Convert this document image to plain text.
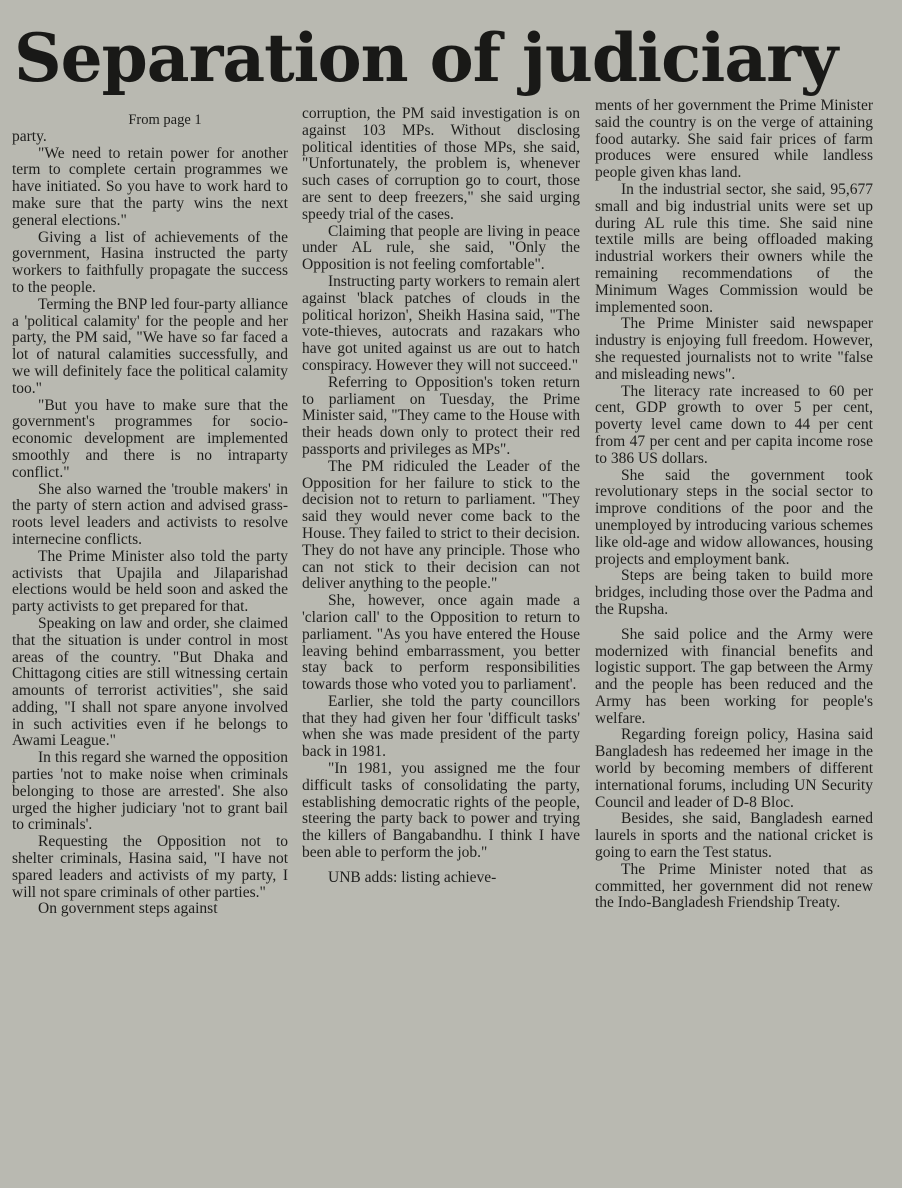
Separation of judiciary

From page 1

party.

"We need to retain power for another term to complete certain programmes we have initiated. So you have to work hard to make sure that the party wins the next general elections."

Giving a list of achievements of the government, Hasina instructed the party workers to faithfully propagate the success to the people.

Terming the BNP led four-party alliance a 'political calamity' for the people and her party, the PM said, "We have so far faced a lot of natural calamities successfully, and we will definitely face the political calamity too."

"But you have to make sure that the government's programmes for socio-economic development are implemented smoothly and there is no intraparty conflict."

She also warned the 'trouble makers' in the party of stern action and advised grass-roots level leaders and activists to resolve internecine conflicts.

The Prime Minister also told the party activists that Upajila and Jilaparishad elections would be held soon and asked the party activists to get prepared for that.

Speaking on law and order, she claimed that the situation is under control in most areas of the country. "But Dhaka and Chittagong cities are still witnessing certain amounts of terrorist activities", she said adding, "I shall not spare anyone involved in such activities even if he belongs to Awami League."

In this regard she warned the opposition parties 'not to make noise when criminals belonging to those are arrested'. She also urged the higher judiciary 'not to grant bail to criminals'.

Requesting the Opposition not to shelter criminals, Hasina said, "I have not spared leaders and activists of my party, I will not spare criminals of other parties."

On government steps against

corruption, the PM said investigation is on against 103 MPs. Without disclosing political identities of those MPs, she said, "Unfortunately, the problem is, whenever such cases of corruption go to court, those are sent to deep freezers," she said urging speedy trial of the cases.

Claiming that people are living in peace under AL rule, she said, "Only the Opposition is not feeling comfortable".

Instructing party workers to remain alert against 'black patches of clouds in the political horizon', Sheikh Hasina said, "The vote-thieves, autocrats and razakars who have got united against us are out to hatch conspiracy. However they will not succeed."

Referring to Opposition's token return to parliament on Tuesday, the Prime Minister said, "They came to the House with their heads down only to protect their red passports and privileges as MPs".

The PM ridiculed the Leader of the Opposition for her failure to stick to the decision not to return to parliament. "They said they would never come back to the House. They failed to strict to their decision. They do not have any principle. Those who can not stick to their decision can not deliver anything to the people."

She, however, once again made a 'clarion call' to the Opposition to return to parliament. "As you have entered the House leaving behind embarrassment, you better stay back to perform responsibilities towards those who voted you to parliament'.

Earlier, she told the party councillors that they had given her four 'difficult tasks' when she was made president of the party back in 1981.

"In 1981, you assigned me the four difficult tasks of consolidating the party, establishing democratic rights of the people, steering the party back to power and trying the killers of Bangabandhu. I think I have been able to perform the job."

UNB adds: listing achieve-

ments of her government the Prime Minister said the country is on the verge of attaining food autarky. She said fair prices of farm produces were ensured while landless people given khas land.

In the industrial sector, she said, 95,677 small and big industrial units were set up during AL rule this time. She said nine textile mills are being offloaded making industrial workers their owners while the remaining recommendations of the Minimum Wages Commission would be implemented soon.

The Prime Minister said newspaper industry is enjoying full freedom. However, she requested journalists not to write "false and misleading news".

The literacy rate increased to 60 per cent, GDP growth to over 5 per cent, poverty level came down to 44 per cent from 47 per cent and per capita income rose to 386 US dollars.

She said the government took revolutionary steps in the social sector to improve conditions of the poor and the unemployed by introducing various schemes like old-age and widow allowances, housing projects and employment bank.

Steps are being taken to build more bridges, including those over the Padma and the Rupsha.

She said police and the Army were modernized with financial benefits and logistic support. The gap between the Army and the people has been reduced and the Army has been working for people's welfare.

Regarding foreign policy, Hasina said Bangladesh has redeemed her image in the world by becoming members of different international forums, including UN Security Council and leader of D-8 Bloc.

Besides, she said, Bangladesh earned laurels in sports and the national cricket is going to earn the Test status.

The Prime Minister noted that as committed, her government did not renew the Indo-Bangladesh Friendship Treaty.
